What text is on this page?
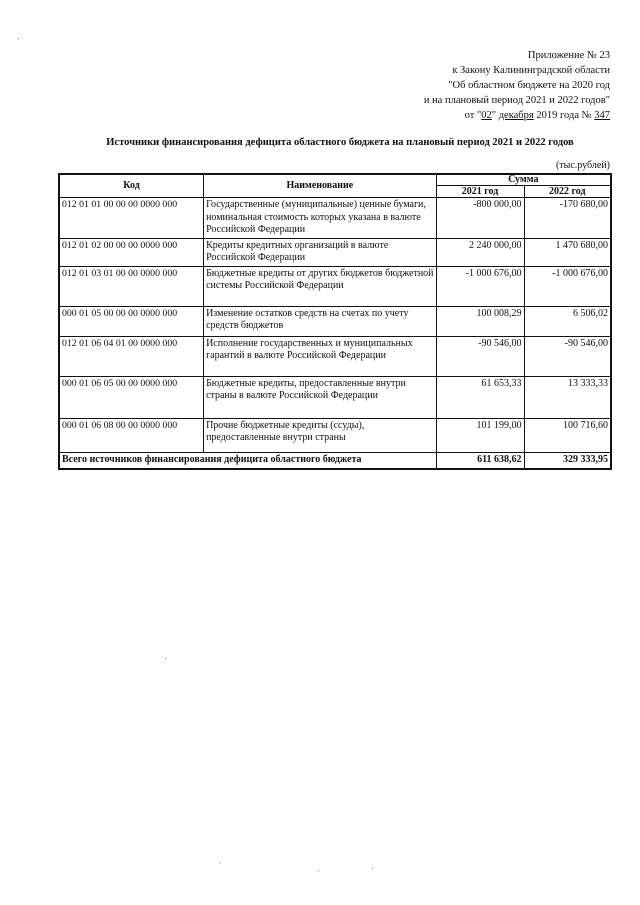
Приложение № 23
к Закону Калининградской области
"Об областном бюджете на 2020 год
и на плановый период 2021 и 2022 годов"
от "02" декабря 2019 года № 347
Источники финансирования дефицита областного бюджета на плановый период 2021 и 2022 годов
(тыс.рублей)
Код	Наименование	Сумма	
		2021 год	2022 год
012 01 01 00 00 00 0000 000	Государственные (муниципальные) ценные бумаги, номинальная стоимость которых указана в валюте Российской Федерации	-800 000,00	-170 680,00
012 01 02 00 00 00 0000 000	Кредиты кредитных организаций в валюте Российской Федерации	2 240 000,00	1 470 680,00
012 01 03 01 00 00 0000 000	Бюджетные кредиты от других бюджетов бюджетной системы Российской Федерации	-1 000 676,00	-1 000 676,00
000 01 05 00 00 00 0000 000	Изменение остатков средств на счетах по учету средств бюджетов	100 008,29	6 506,02
012 01 06 04 01 00 0000 000	Исполнение государственных и муниципальных гарантий в валюте Российской Федерации	-90 546,00	-90 546,00
000 01 06 05 00 00 0000 000	Бюджетные кредиты, предоставленные внутри страны в валюте Российской Федерации	61 653,33	13 333,33
000 01 06 08 00 00 0000 000	Прочие бюджетные кредиты (ссуды), предоставленные внутри страны	101 199,00	100 716,60
Всего источников финансирования дефицита областного бюджета		611 638,62	329 333,95
